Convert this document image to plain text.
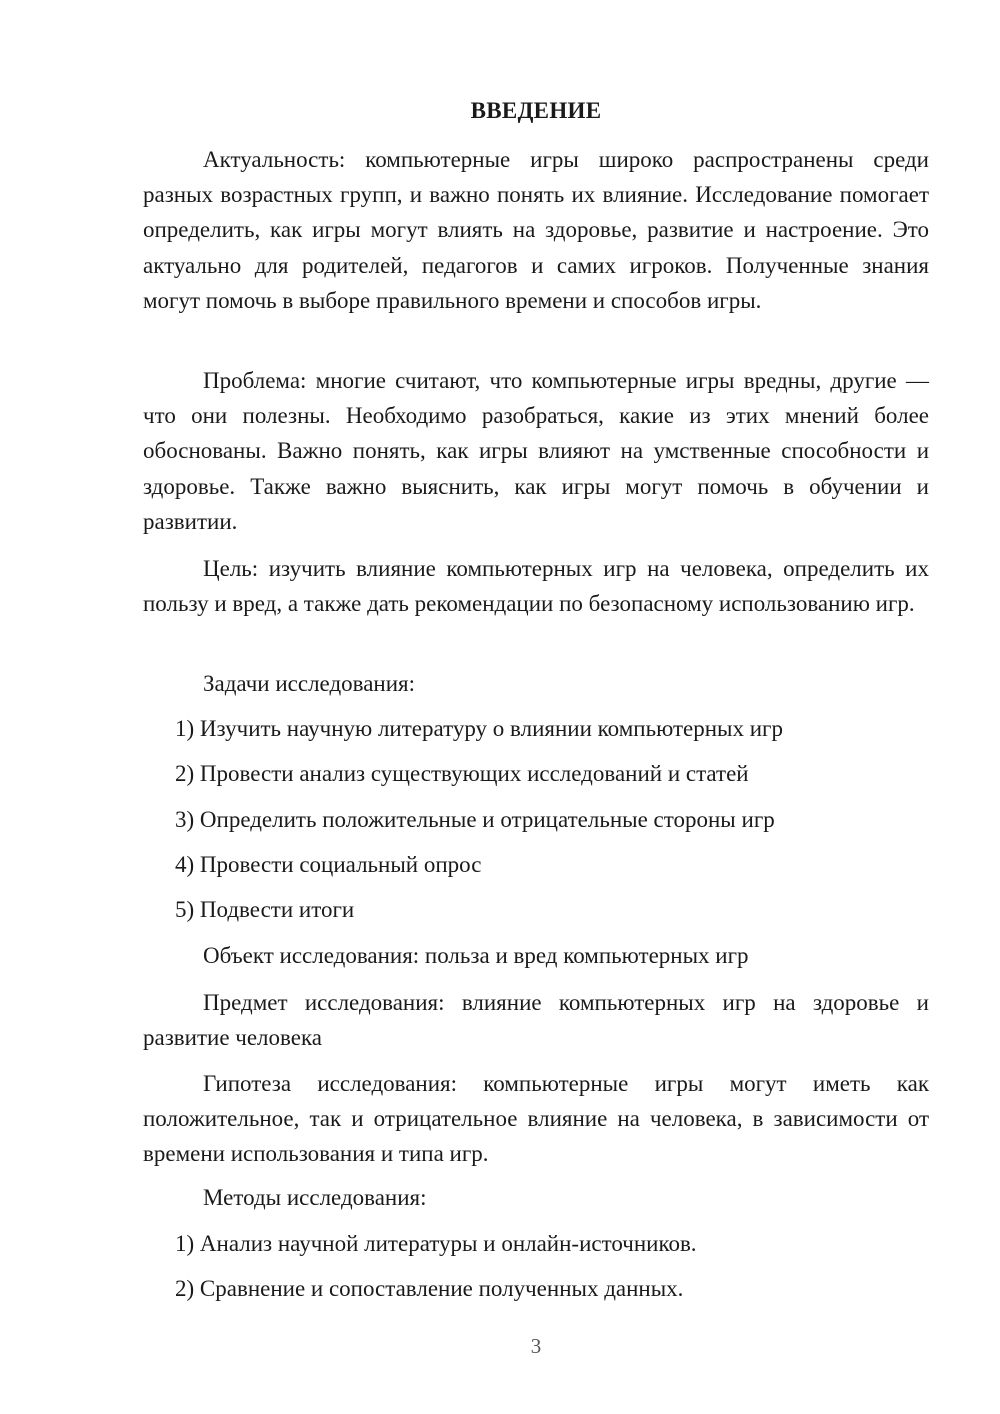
ВВЕДЕНИЕ

Актуальность: компьютерные игры широко распространены среди разных возрастных групп, и важно понять их влияние. Исследование помогает определить, как игры могут влиять на здоровье, развитие и настроение. Это актуально для родителей, педагогов и самих игроков. Полученные знания могут помочь в выборе правильного времени и способов игры.

Проблема: многие считают, что компьютерные игры вредны, другие — что они полезны. Необходимо разобраться, какие из этих мнений более обоснованы. Важно понять, как игры влияют на умственные способности и здоровье. Также важно выяснить, как игры могут помочь в обучении и развитии.

Цель: изучить влияние компьютерных игр на человека, определить их пользу и вред, а также дать рекомендации по безопасному использованию игр.

Задачи исследования:

1) Изучить научную литературу о влиянии компьютерных игр

2) Провести анализ существующих исследований и статей

3) Определить положительные и отрицательные стороны игр

4) Провести социальный опрос

5) Подвести итоги

Объект исследования: польза и вред компьютерных игр

Предмет исследования: влияние компьютерных игр на здоровье и развитие человека

Гипотеза исследования: компьютерные игры могут иметь как положительное, так и отрицательное влияние на человека, в зависимости от времени использования и типа игр.

Методы исследования:

1) Анализ научной литературы и онлайн-источников.

2) Сравнение и сопоставление полученных данных.

3
